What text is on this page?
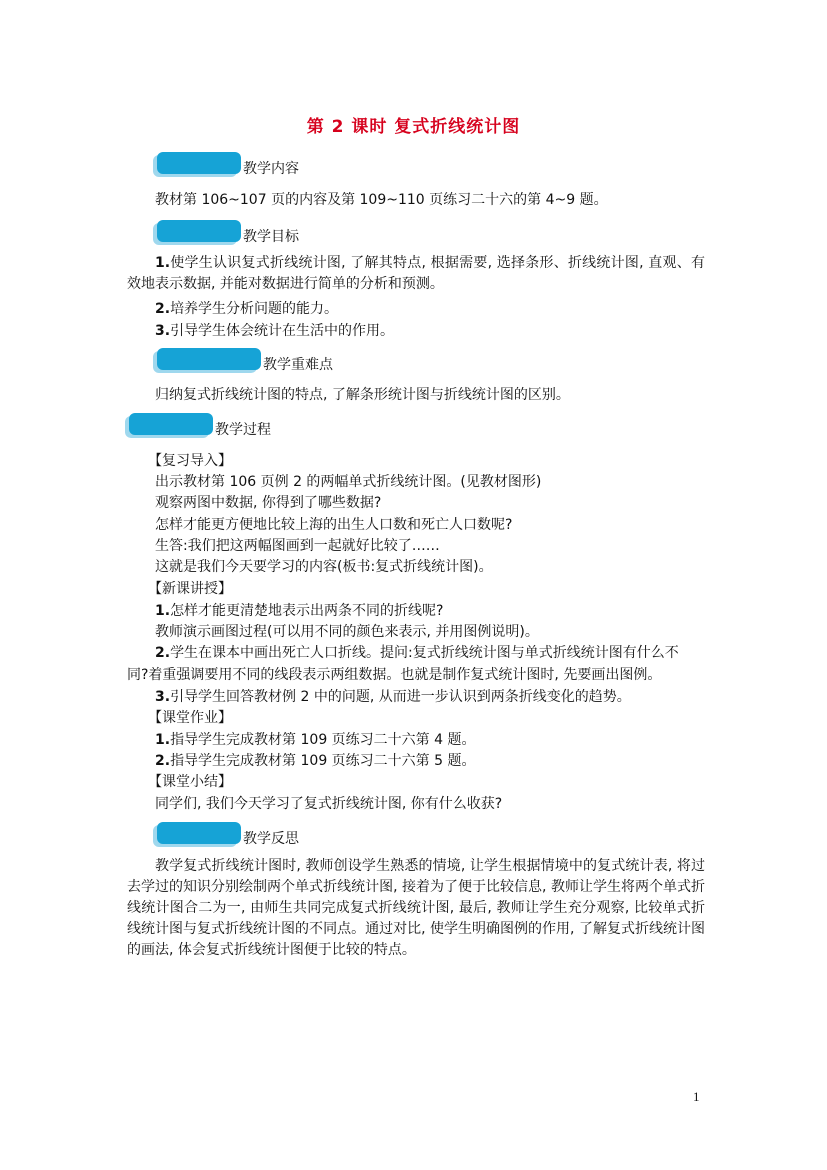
第 2 课时 复式折线统计图
教学内容
教材第 106~107 页的内容及第 109~110 页练习二十六的第 4~9 题。
教学目标
1.使学生认识复式折线统计图, 了解其特点, 根据需要, 选择条形、折线统计图, 直观、有效地表示数据, 并能对数据进行简单的分析和预测。
2.培养学生分析问题的能力。
3.引导学生体会统计在生活中的作用。
教学重难点
归纳复式折线统计图的特点, 了解条形统计图与折线统计图的区别。
教学过程
【复习导入】
出示教材第 106 页例 2 的两幅单式折线统计图。(见教材图形)
观察两图中数据, 你得到了哪些数据?
怎样才能更方便地比较上海的出生人口数和死亡人口数呢?
生答:我们把这两幅图画到一起就好比较了……
这就是我们今天要学习的内容(板书:复式折线统计图)。
【新课讲授】
1.怎样才能更清楚地表示出两条不同的折线呢?
教师演示画图过程(可以用不同的颜色来表示, 并用图例说明)。
2.学生在课本中画出死亡人口折线。提问:复式折线统计图与单式折线统计图有什么不
同?着重强调要用不同的线段表示两组数据。也就是制作复式统计图时, 先要画出图例。
3.引导学生回答教材例 2 中的问题, 从而进一步认识到两条折线变化的趋势。
【课堂作业】
1.指导学生完成教材第 109 页练习二十六第 4 题。
2.指导学生完成教材第 109 页练习二十六第 5 题。
【课堂小结】
同学们, 我们今天学习了复式折线统计图, 你有什么收获?
教学反思
教学复式折线统计图时, 教师创设学生熟悉的情境, 让学生根据情境中的复式统计表, 将过去学过的知识分别绘制两个单式折线统计图, 接着为了便于比较信息, 教师让学生将两个单式折线统计图合二为一, 由师生共同完成复式折线统计图, 最后, 教师让学生充分观察, 比较单式折线统计图与复式折线统计图的不同点。通过对比, 使学生明确图例的作用, 了解复式折线统计图的画法, 体会复式折线统计图便于比较的特点。
1
